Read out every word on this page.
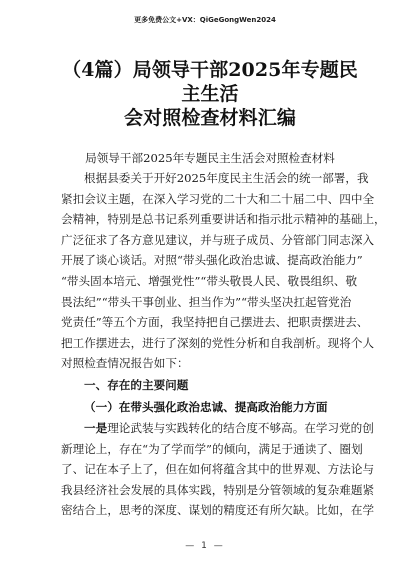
更多免费公文+VX：QiGeGongWen2024
（4篇）局领导干部2025年专题民主生活
会对照检查材料汇编
局领导干部2025年专题民主生活会对照检查材料
根据县委关于开好2025年度民主生活会的统一部署，我
紧扣会议主题，在深入学习党的二十大和二十届二中、四中全
会精神，特别是总书记系列重要讲话和指示批示精神的基础上，
广泛征求了各方意见建议，并与班子成员、分管部门同志深入
开展了谈心谈话。对照“带头强化政治忠诚、提高政治能力”
“带头固本培元、增强党性”“带头敬畏人民、敬畏组织、敬
畏法纪”“带头干事创业、担当作为”“带头坚决扛起管党治
党责任”等五个方面，我坚持把自己摆进去、把职责摆进去、
把工作摆进去，进行了深刻的党性分析和自我剖析。现将个人
对照检查情况报告如下：
一、存在的主要问题
（一）在带头强化政治忠诚、提高政治能力方面
一是理论武装与实践转化的结合度不够高。在学习党的创
新理论上，存在“为了学而学”的倾向，满足于通读了、圈划
了、记在本子上了，但在如何将蕴含其中的世界观、方法论与
我县经济社会发展的具体实践，特别是分管领域的复杂难题紧
密结合上，思考的深度、谋划的精度还有所欠缺。比如，在学
— 1 —
